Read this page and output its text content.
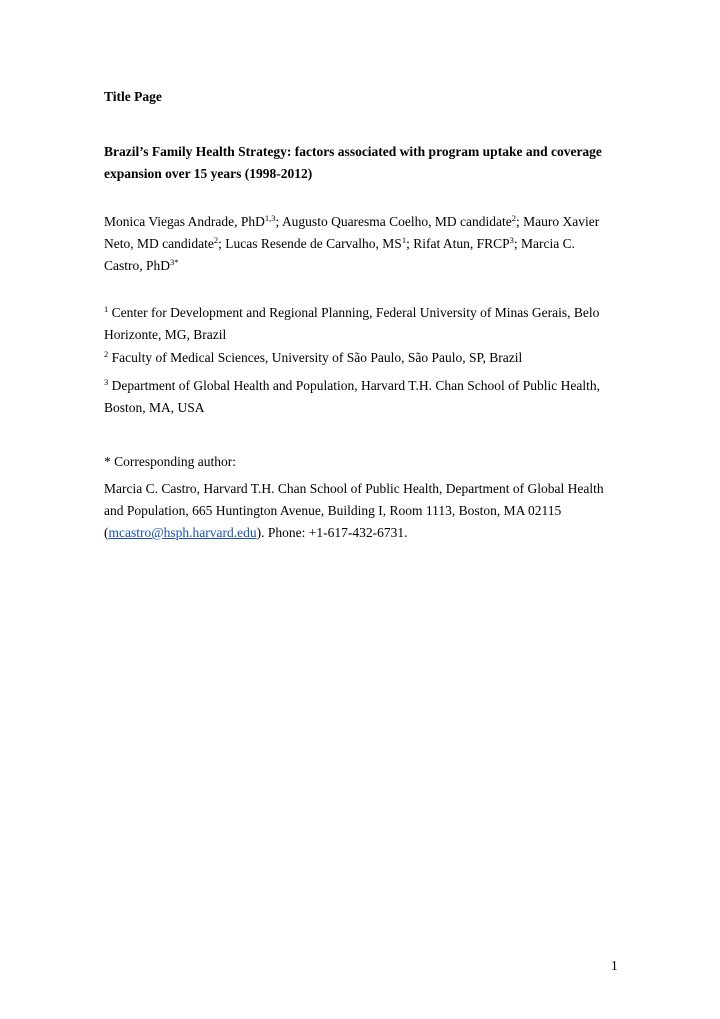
Title Page

Brazil’s Family Health Strategy: factors associated with program uptake and coverage expansion over 15 years (1998-2012)

Monica Viegas Andrade, PhD$^{1,3}$; Augusto Quaresma Coelho, MD candidate$^2$; Mauro Xavier Neto, MD candidate$^2$; Lucas Resende de Carvalho, $MS^1$; Rifat Atun, FRCP$^3$; Marcia C. Castro, PhD$^{3*}$

$^1$ Center for Development and Regional Planning, Federal University of Minas Gerais, Belo Horizonte, MG, Brazil

$^2$ Faculty of Medical Sciences, University of São Paulo, São Paulo, SP, Brazil

$^3$ Department of Global Health and Population, Harvard T.H. Chan School of Public Health, Boston, MA, USA

* Corresponding author:

Marcia C. Castro, Harvard T.H. Chan School of Public Health, Department of Global Health and Population, 665 Huntington Avenue, Building I, Room 1113, Boston, MA 02115 (mcastro@hsph.harvard.edu). Phone: +1-617-432-6731.

1
